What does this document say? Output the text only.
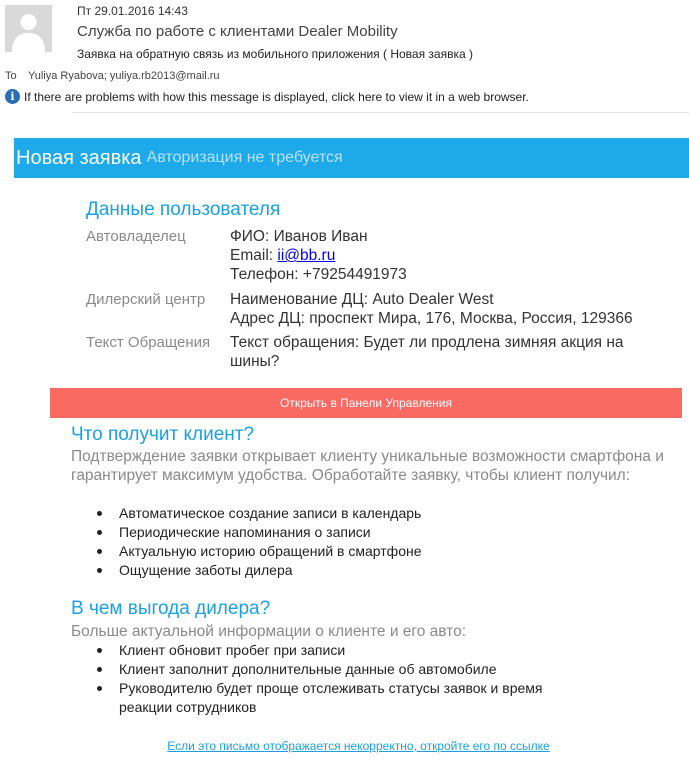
Пт 29.01.2016 14:43
Служба по работе с клиентами Dealer Mobility
Заявка на обратную связь из мобильного приложения ( Новая заявка )
To Yuliya Ryabova; yuliya.rb2013@mail.ru
i If there are problems with how this message is displayed, click here to view it in a web browser.
Новая заявка Авторизация не требуется
Данные пользователя
Автовладелец	ФИО: Иванов Иван
Email: ii@bb.ru
Телефон: +79254491973
Дилерский центр	Наименование ДЦ: Auto Dealer West
Адрес ДЦ: проспект Мира, 176, Москва, Россия, 129366
Текст Обращения	Текст обращения: Будет ли продлена зимняя акция на шины?
Открыть в Панели Управления
Что получит клиент?
Подтверждение заявки открывает клиенту уникальные возможности смартфона и гарантирует максимум удобства. Обработайте заявку, чтобы клиент получил:
Автоматическое создание записи в календарь
Периодические напоминания о записи
Актуальную историю обращений в смартфоне
Ощущение заботы дилера
В чем выгода дилера?
Больше актуальной информации о клиенте и его авто:
Клиент обновит пробег при записи
Клиент заполнит дополнительные данные об автомобиле
Руководителю будет проще отслеживать статусы заявок и время реакции сотрудников
Если это письмо отображается некорректно, откройте его по ссылке
